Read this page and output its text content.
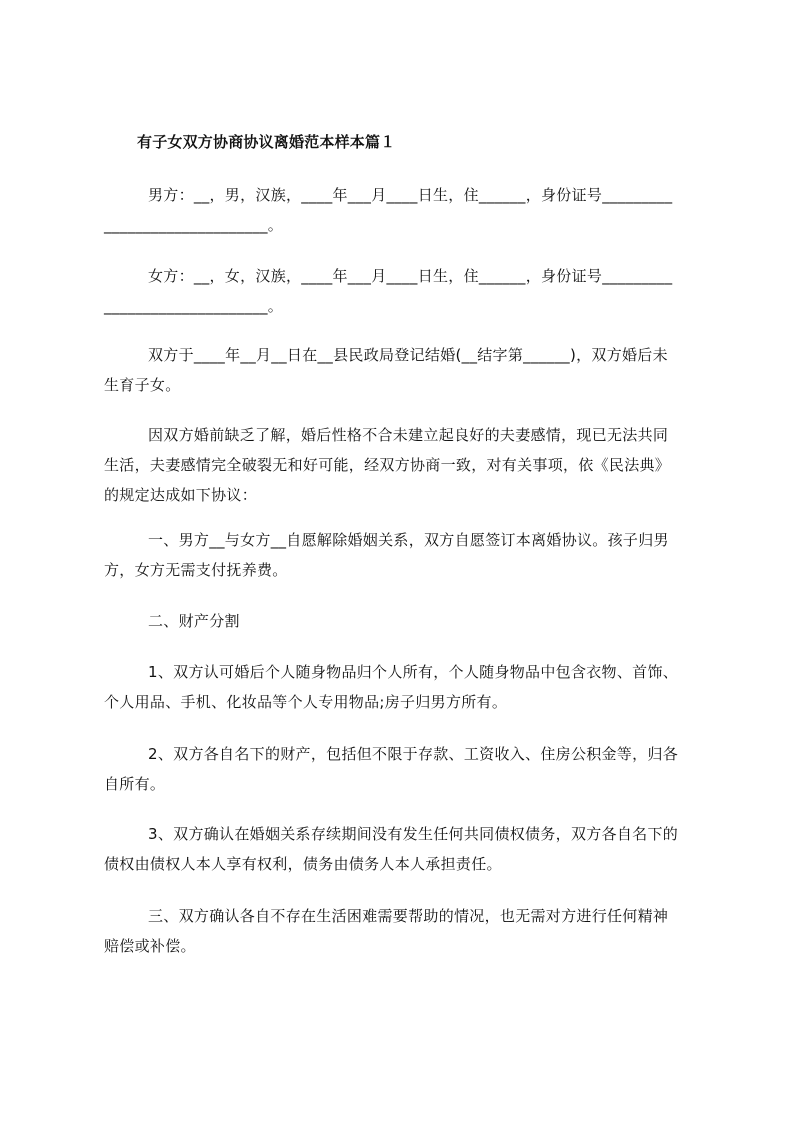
有子女双方协商协议离婚范本样本篇１
男方：__，男，汉族，____年___月____日生，住______，身份证号_________
_____________________。
女方：__，女，汉族，____年___月____日生，住______，身份证号_________
_____________________。
双方于____年__月__日在__县民政局登记结婚(__结字第______)，双方婚后未
生育子女。
因双方婚前缺乏了解，婚后性格不合未建立起良好的夫妻感情，现已无法共同
生活，夫妻感情完全破裂无和好可能，经双方协商一致，对有关事项，依《民法典》
的规定达成如下协议：
一、男方__与女方__自愿解除婚姻关系，双方自愿签订本离婚协议。孩子归男
方，女方无需支付抚养费。
二、财产分割
1、双方认可婚后个人随身物品归个人所有，个人随身物品中包含衣物、首饰、
个人用品、手机、化妆品等个人专用物品;房子归男方所有。
2、双方各自名下的财产，包括但不限于存款、工资收入、住房公积金等，归各
自所有。
3、双方确认在婚姻关系存续期间没有发生任何共同债权债务，双方各自名下的
债权由债权人本人享有权利，债务由债务人本人承担责任。
三、双方确认各自不存在生活困难需要帮助的情况，也无需对方进行任何精神
赔偿或补偿。
